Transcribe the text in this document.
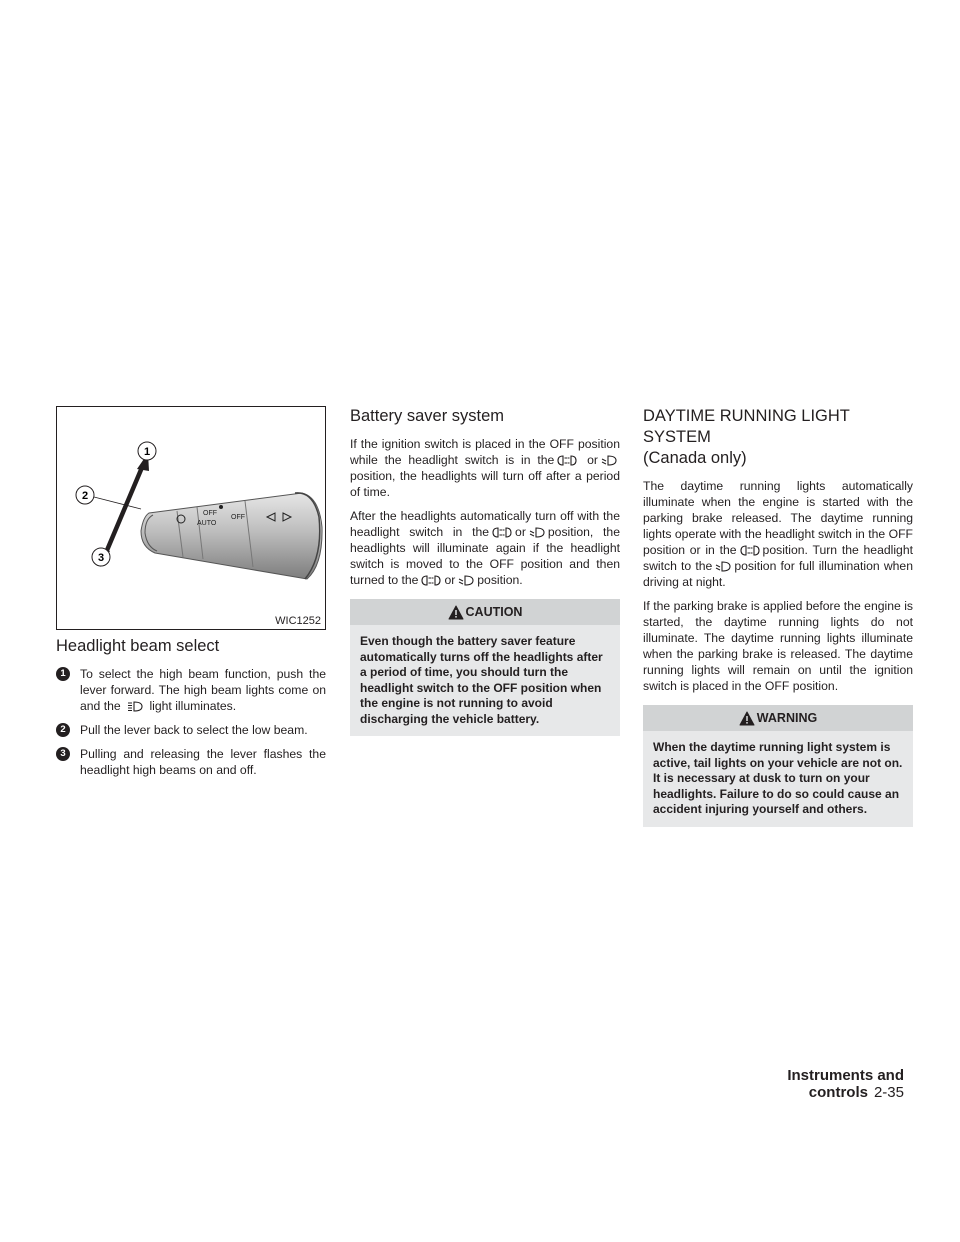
OFF
AUTO
OFF
1
2
3
WIC1252
Headlight beam select
1	To select the high beam function, push the lever forward. The high beam lights come on and the light illuminates.
2	Pull the lever back to select the low beam.
3	Pulling and releasing the lever flashes the headlight high beams on and off.
Battery saver system

If the ignition switch is placed in the OFF position while the headlight switch is in the	or
position, the headlights will turn off after a period of time.

After the headlights automatically turn off with the headlight switch in the or position, the headlights will illuminate again if the headlight switch is moved to the OFF position and then turned to the or position.

CAUTION
Even though the battery saver feature automatically turns off the headlights after a period of time, you should turn the headlight switch to the OFF position when the engine is not running to avoid discharging the vehicle battery.
DAYTIME RUNNING LIGHT SYSTEM
(Canada only)

The daytime running lights automatically illuminate when the engine is started with the parking brake released. The daytime running lights operate with the headlight switch in the OFF position or in the position. Turn the headlight switch to the position for full illumination when driving at night.

If the parking brake is applied before the engine is started, the daytime running lights do not illuminate. The daytime running lights illuminate when the parking brake is released. The daytime running lights will remain on until the ignition switch is placed in the OFF position.

WARNING
When the daytime running light system is active, tail lights on your vehicle are not on. It is necessary at dusk to turn on your headlights. Failure to do so could cause an accident injuring yourself and others.
Instruments and controls 2-35
